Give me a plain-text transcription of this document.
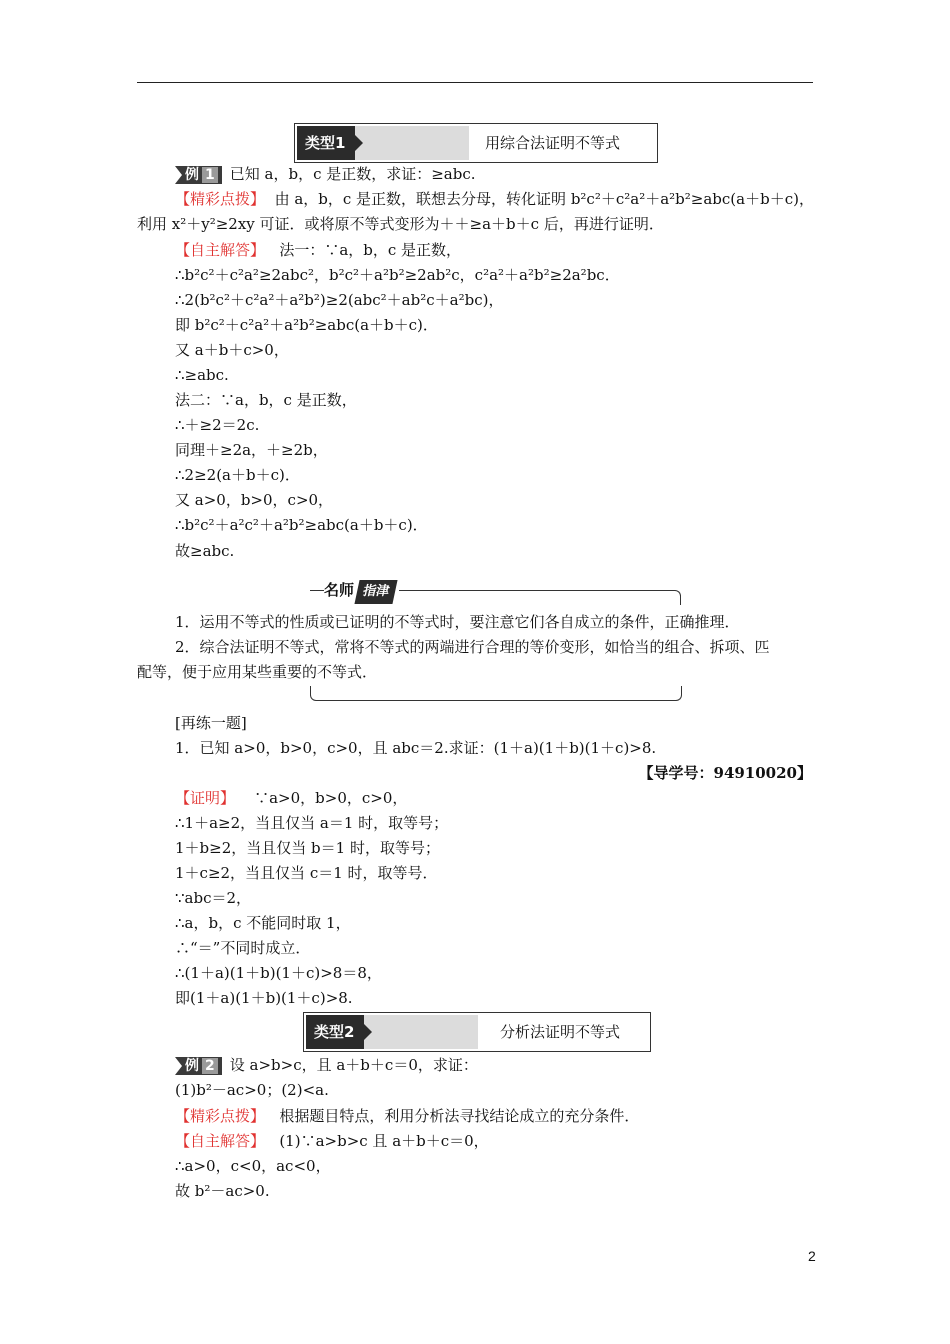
类型1	用综合法证明不等式
例 1 已知 a，b，c 是正数，求证：≥abc.
【精彩点拨】 由 a，b，c 是正数，联想去分母，转化证明 b²c²＋c²a²＋a²b²≥abc(a＋b＋c)，
利用 x²＋y²≥2xy 可证．或将原不等式变形为＋＋≥a＋b＋c 后，再进行证明．
【自主解答】 法一：∵a，b，c 是正数，
∴b²c²＋c²a²≥2abc²，b²c²＋a²b²≥2ab²c，c²a²＋a²b²≥2a²bc．
∴2(b²c²＋c²a²＋a²b²)≥2(abc²＋ab²c＋a²bc)，
即 b²c²＋c²a²＋a²b²≥abc(a＋b＋c)．
又 a＋b＋c>0，
∴≥abc.
法二：∵a，b，c 是正数，
∴＋≥2＝2c.
同理＋≥2a，＋≥2b，
∴2≥2(a＋b＋c)．
又 a>0，b>0，c>0，
∴b²c²＋a²c²＋a²b²≥abc(a＋b＋c)．
故≥abc.
名师 指津
1．运用不等式的性质或已证明的不等式时，要注意它们各自成立的条件，正确推理．
2．综合法证明不等式，常将不等式的两端进行合理的等价变形，如恰当的组合、拆项、匹
配等，便于应用某些重要的不等式．
[再练一题]
1．已知 a>0，b>0，c>0，且 abc＝2.求证：(1＋a)(1＋b)(1＋c)>8.
【导学号：94910020】
【证明】 ∵a>0，b>0，c>0，
∴1＋a≥2，当且仅当 a＝1 时，取等号；
1＋b≥2，当且仅当 b＝1 时，取等号；
1＋c≥2，当且仅当 c＝1 时，取等号．
∵abc＝2，
∴a，b，c 不能同时取 1，
∴“＝”不同时成立．
∴(1＋a)(1＋b)(1＋c)>8＝8，
即(1＋a)(1＋b)(1＋c)>8.
类型2	分析法证明不等式
例 2 设 a>b>c，且 a＋b＋c＝0，求证：
(1)b²－ac>0；(2)<a.
【精彩点拨】 根据题目特点，利用分析法寻找结论成立的充分条件．
【自主解答】 (1)∵a>b>c 且 a＋b＋c＝0，
∴a>0，c<0，ac<0，
故 b²－ac>0.
2
